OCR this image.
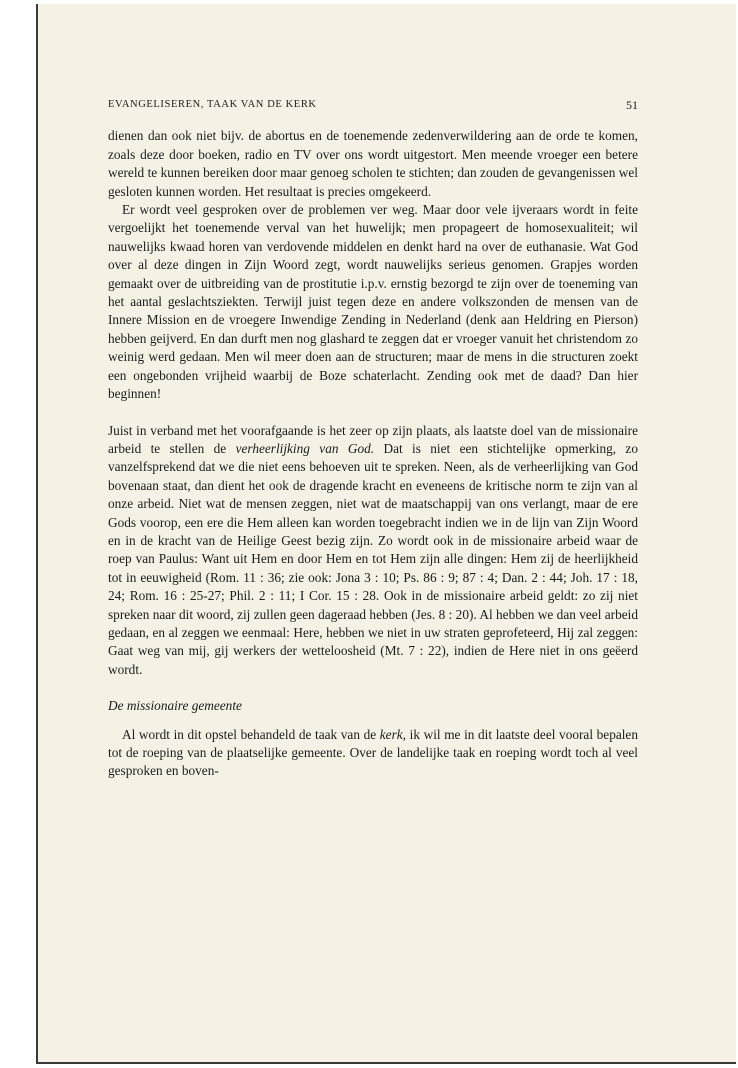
EVANGELISEREN, TAAK VAN DE KERK	51

dienen dan ook niet bijv. de abortus en de toenemende zedenverwildering aan de orde te komen, zoals deze door boeken, radio en TV over ons wordt uitgestort. Men meende vroeger een betere wereld te kunnen bereiken door maar genoeg scholen te stichten; dan zouden de gevangenissen wel gesloten kunnen worden. Het resultaat is precies omgekeerd.

Er wordt veel gesproken over de problemen ver weg. Maar door vele ijveraars wordt in feite vergoelijkt het toenemende verval van het huwelijk; men propageert de homosexualiteit; wil nauwelijks kwaad horen van verdovende middelen en denkt hard na over de euthanasie. Wat God over al deze dingen in Zijn Woord zegt, wordt nauwelijks serieus genomen. Grapjes worden gemaakt over de uitbreiding van de prostitutie i.p.v. ernstig bezorgd te zijn over de toeneming van het aantal geslachtsziekten. Terwijl juist tegen deze en andere volkszonden de mensen van de Innere Mission en de vroegere Inwendige Zending in Nederland (denk aan Heldring en Pierson) hebben geijverd. En dan durft men nog glashard te zeggen dat er vroeger vanuit het christendom zo weinig werd gedaan. Men wil meer doen aan de structuren; maar de mens in die structuren zoekt een ongebonden vrijheid waarbij de Boze schaterlacht. Zending ook met de daad? Dan hier beginnen!

Juist in verband met het voorafgaande is het zeer op zijn plaats, als laatste doel van de missionaire arbeid te stellen de verheerlijking van God. Dat is niet een stichtelijke opmerking, zo vanzelfsprekend dat we die niet eens behoeven uit te spreken. Neen, als de verheerlijking van God bovenaan staat, dan dient het ook de dragende kracht en eveneens de kritische norm te zijn van al onze arbeid. Niet wat de mensen zeggen, niet wat de maatschappij van ons verlangt, maar de ere Gods voorop, een ere die Hem alleen kan worden toegebracht indien we in de lijn van Zijn Woord en in de kracht van de Heilige Geest bezig zijn. Zo wordt ook in de missionaire arbeid waar de roep van Paulus: Want uit Hem en door Hem en tot Hem zijn alle dingen: Hem zij de heerlijkheid tot in eeuwigheid (Rom. 11 : 36; zie ook: Jona 3 : 10; Ps. 86 : 9; 87 : 4; Dan. 2 : 44; Joh. 17 : 18, 24; Rom. 16 : 25-27; Phil. 2 : 11; I Cor. 15 : 28. Ook in de missionaire arbeid geldt: zo zij niet spreken naar dit woord, zij zullen geen dageraad hebben (Jes. 8 : 20). Al hebben we dan veel arbeid gedaan, en al zeggen we eenmaal: Here, hebben we niet in uw straten geprofeteerd, Hij zal zeggen: Gaat weg van mij, gij werkers der wetteloosheid (Mt. 7 : 22), indien de Here niet in ons geëerd wordt.

De missionaire gemeente

Al wordt in dit opstel behandeld de taak van de kerk, ik wil me in dit laatste deel vooral bepalen tot de roeping van de plaatselijke gemeente. Over de landelijke taak en roeping wordt toch al veel gesproken en boven-
